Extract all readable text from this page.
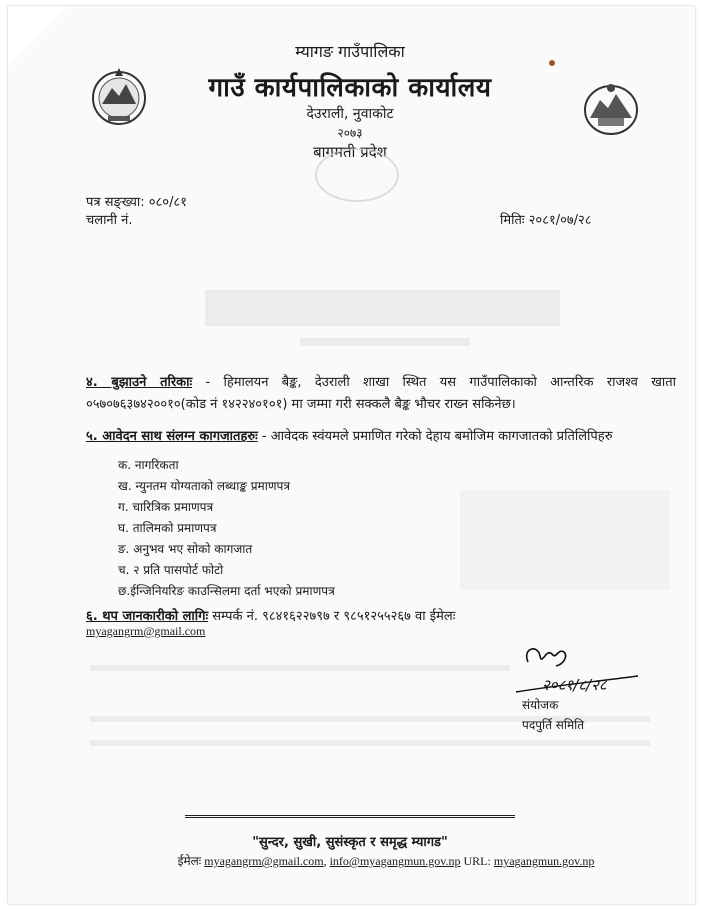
म्यागङ गाउँपालिका
गाउँ कार्यपालिकाको कार्यालय
देउराली, नुवाकोट
२०७३
बागमती प्रदेश
पत्र सङ्ख्या: ०८०/८१
चलानी नं.	मितिः २०८१/०७/२८
४. बुझाउने तरिकाः - हिमालयन बैङ्क, देउराली शाखा स्थित यस गाउँपालिकाको आन्तरिक राजश्व खाता ०५७०७६३७४२००१०(कोड नं १४२२४०१०१) मा जम्मा गरी सक्कलै बैङ्क भौचर राख्न सकिनेछ।
५. आवेदन साथ संलग्न कागजातहरुः - आवेदक स्वंयमले प्रमाणित गरेको देहाय बमोजिम कागजातको प्रतिलिपिहरु
क. नागरिकता
ख. न्युनतम योग्यताको लब्धाङ्क प्रमाणपत्र
ग. चारित्रिक प्रमाणपत्र
घ. तालिमको प्रमाणपत्र
ङ. अनुभव भए सोको कागजात
च. २ प्रति पासपोर्ट फोटो
छ.ईन्जिनियरिङ काउन्सिलमा दर्ता भएको प्रमाणपत्र
६. थप जानकारीको लागिः सम्पर्क नं. ९८४१६२२७९७ र ९८५१२५५२६७ वा ईमेलः
myagangrm@gmail.com
२०८१/८/२८
संयोजक
पदपुर्ति समिति
"सुन्दर, सुखी, सुसंस्कृत र समृद्ध म्यागड"
ईमेलः myagangrm@gmail.com, info@myagangmun.gov.np URL: myagangmun.gov.np
